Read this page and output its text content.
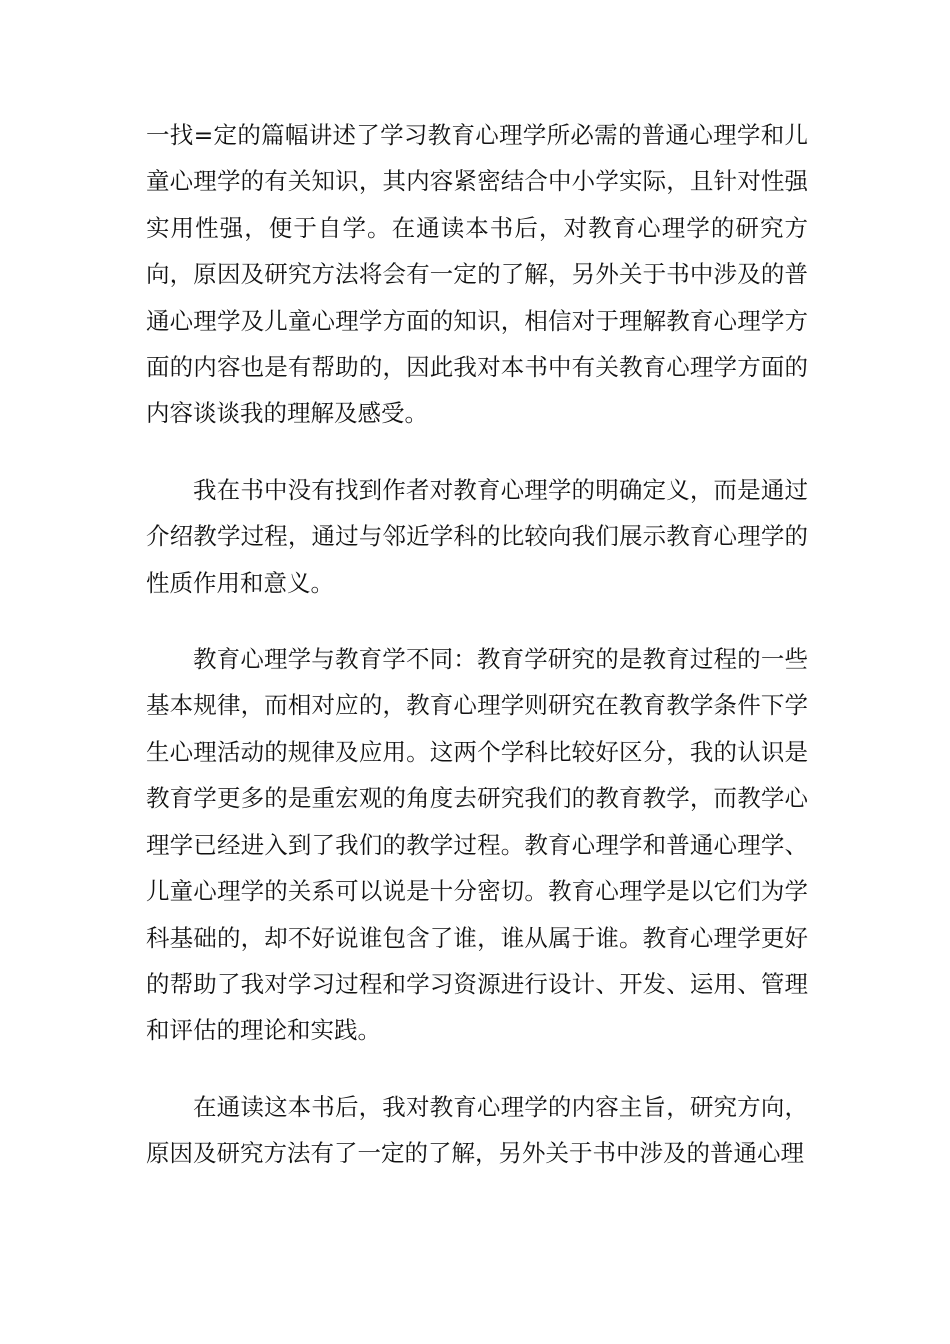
一找=定的篇幅讲述了学习教育心理学所必需的普通心理学和儿童心理学的有关知识，其内容紧密结合中小学实际，且针对性强实用性强，便于自学。在通读本书后，对教育心理学的研究方向，原因及研究方法将会有一定的了解，另外关于书中涉及的普通心理学及儿童心理学方面的知识，相信对于理解教育心理学方面的内容也是有帮助的，因此我对本书中有关教育心理学方面的内容谈谈我的理解及感受。

我在书中没有找到作者对教育心理学的明确定义，而是通过介绍教学过程，通过与邻近学科的比较向我们展示教育心理学的性质作用和意义。

教育心理学与教育学不同：教育学研究的是教育过程的一些基本规律，而相对应的，教育心理学则研究在教育教学条件下学生心理活动的规律及应用。这两个学科比较好区分，我的认识是教育学更多的是重宏观的角度去研究我们的教育教学，而教学心理学已经进入到了我们的教学过程。教育心理学和普通心理学、儿童心理学的关系可以说是十分密切。教育心理学是以它们为学科基础的，却不好说谁包含了谁，谁从属于谁。教育心理学更好的帮助了我对学习过程和学习资源进行设计、开发、运用、管理和评估的理论和实践。

在通读这本书后，我对教育心理学的内容主旨，研究方向，原因及研究方法有了一定的了解，另外关于书中涉及的普通心理
